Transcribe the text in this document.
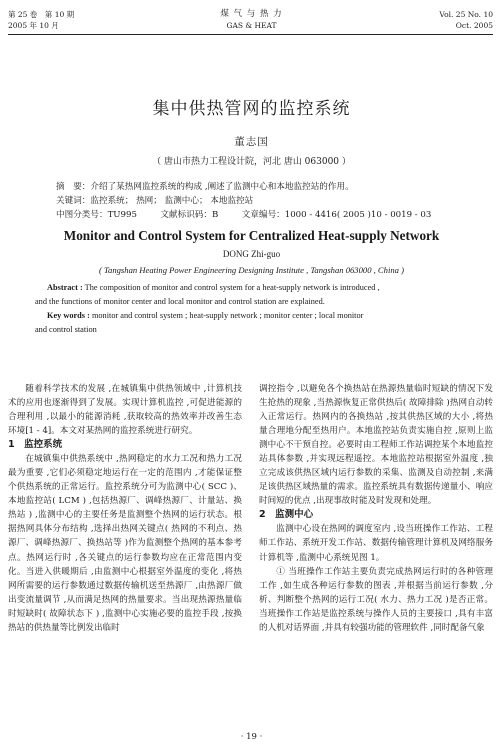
第 25 卷　第 10 期
2005 年 10 月
煤 气 与 热 力
GAS & HEAT
Vol. 25 No. 10
Oct. 2005
集中供热管网的监控系统
董志国
（ 唐山市热力工程设计院，河北 唐山 063000 ）
摘　要：介绍了某热网监控系统的构成 ,阐述了监测中心和本地监控站的作用。
关键词：监控系统； 热网； 监测中心； 本地监控站
中图分类号：TU995	文献标识码：B	文章编号：1000 - 4416( 2005 )10 - 0019 - 03
Monitor and Control System for Centralized Heat-supply Network
DONG Zhi-guo
( Tangshan Heating Power Engineering Designing Institute , Tangshan 063000 , China )
Abstract : The composition of monitor and control system for a heat-supply network is introduced ,
and the functions of monitor center and local monitor and control station are explained.
Key words : monitor and control system ; heat-supply network ; monitor center ; local monitor
and control station
随着科学技术的发展 ,在城镇集中供热领域中 ,计算机技术的应用也逐渐得到了发展。实现计算机监控 ,可促进能源的合理利用 ,以最小的能源消耗 ,获取较高的热效率并改善生态环境[1 - 4]。本文对某热网的监控系统进行研究。
1　 监控系统
在城镇集中供热系统中 ,热网稳定的水力工况和热力工况最为重要 ,它们必须稳定地运行在一定的范围内 ,才能保证整个供热系统的正常运行。监控系统分可为监测中心( SCC )、本地监控站( LCM ) ,包括热源厂、调峰热源厂、计量站、换热站 ) ,监测中心的主要任务是监测整个热网的运行状态。根据热网具体分布结构 ,选择出热网关键点( 热网的不利点、热源厂、调峰热源厂、换热站等 )作为监测整个热网的基本参考点。热网运行时 ,各关键点的运行参数均应在正常范围内变化。当进入供暖期后 ,由监测中心根据室外温度的变化 ,将热网所需要的运行参数通过数据传输机送至热源厂 ,由热源厂做出变流量调节 ,从而满足热网的热量要求。当出现热源热量临时短缺时( 故障状态下 ) ,监测中心实施必要的监控手段 ,按换热站的供热量等比例发出临时
调控指令 ,以避免各个换热站在热源热量临时短缺的情况下发生抢热的现象 ,当热源恢复正常供热后( 故障排除 )热网自动转入正常运行。热网内的各换热站 ,按其供热区域的大小 ,将热量合理地分配至热用户。本地监控站负责实施自控 ,原则上监测中心不干预自控。必要时由工程师工作站调控某个本地监控站具体参数 ,并实现远程遥控。本地监控站根据室外温度 ,独立完成该供热区域内运行参数的采集、监测及自动控制 ,来满足该供热区域热量的需求。监控系统具有数据传递量小、响应时间短的优点 ,出现事故时能及时发现和处理。
2　 监测中心
监测中心设在热网的调度室内 ,设当班操作工作站、工程师工作站、系统开发工作站、数据传输管理计算机及网络服务计算机等 ,监测中心系统见图 1。
① 当班操作工作站主要负责完成热网运行时的各种管理工作 ,如生成各种运行参数的图表 ,并根据当前运行参数 ,分析、判断整个热网的运行工况( 水力、热力工况 )是否正常。当班操作工作站是监控系统与操作人员的主要接口 ,具有丰富的人机对话界面 ,并具有较强功能的管理软件 ,同时配备气象
· 19 ·
